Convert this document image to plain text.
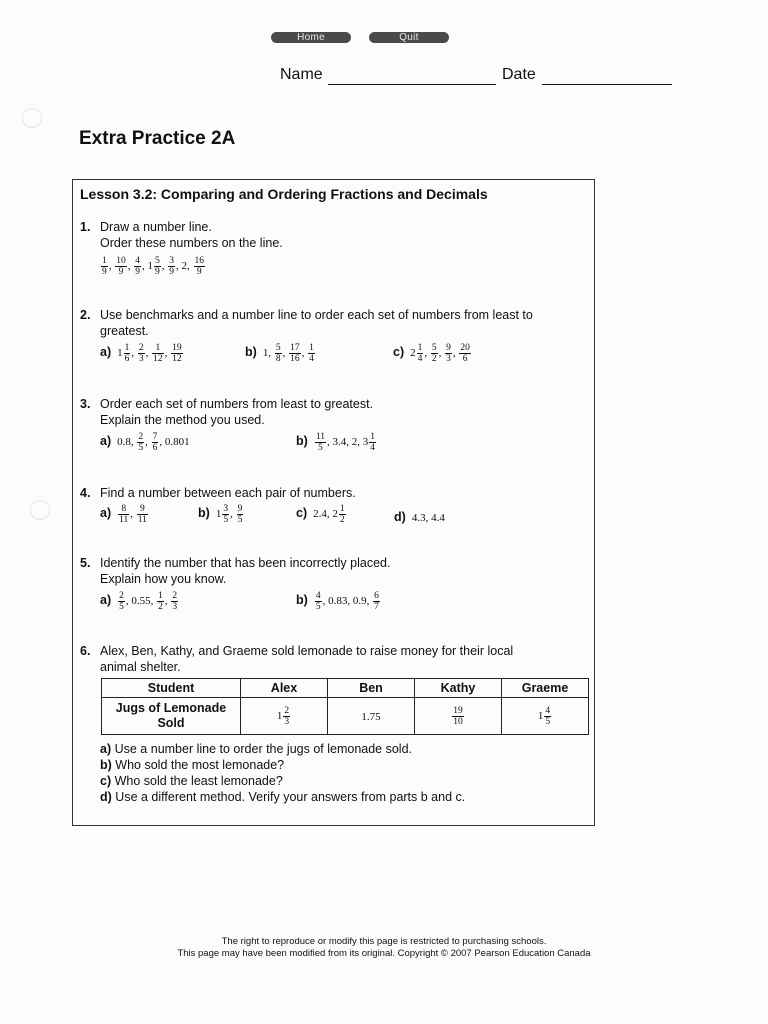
Home	Quit
Name	Date
Extra Practice 2A
Lesson 3.2: Comparing and Ordering Fractions and Decimals
1. Draw a number line.
Order these numbers on the line.
$\frac{1}{9}$ , $\frac{10}{9}$ , $\frac{4}{9}$ , $1 \frac{5}{9}$ , $\frac{3}{9}$ , 2, $\frac{16}{9}$
2. Use benchmarks and a number line to order each set of numbers from least to
greatest.
a) $1 \frac{1}{6}$ , $\frac{2}{3}$ , $\frac{1}{12}$ , $\frac{19}{12}$	b) 1, $\frac{5}{8}$ , $\frac{17}{16}$ , $\frac{1}{4}$	c) $2 \frac{1}{4}$ , $\frac{5}{2}$ , $\frac{9}{3}$ , $\frac{20}{6}$
3. Order each set of numbers from least to greatest.
Explain the method you used.
a) 0.8, $\frac{2}{5}$ , $\frac{7}{6}$ , 0.801	$b) \frac{11}{5}$ , 3.4, 2, $3 \frac{1}{4}$
4. Find a number between each pair of numbers.
$a) \frac{8}{11}$ , $\frac{9}{11}$	b) $1 \frac{3}{5}$ , $\frac{9}{5}$	c) 2.4, $2 \frac{1}{2}$	d) 4.3, 4.4
5. Identify the number that has been incorrectly placed.
Explain how you know.
$a) \frac{2}{5}$ , 0.55, $\frac{1}{2}$ , $\frac{2}{3}$	$b) \frac{4}{5}$ , 0.83, 0.9, $\frac{6}{7}$
6. Alex, Ben, Kathy, and Graeme sold lemonade to raise money for their local
animal shelter.
Student	Alex	Ben	Kathy	Graeme
Jugs of Lemonade Sold	$1 \frac{2}{3}$	1.75	$\frac{19}{10}$	$1 \frac{4}{5}$
a) Use a number line to order the jugs of lemonade sold.
b) Who sold the most lemonade?
c) Who sold the least lemonade?
d) Use a different method. Verify your answers from parts b and c.
The right to reproduce or modify this page is restricted to purchasing schools.
This page may have been modified from its original. Copyright © 2007 Pearson Education Canada
